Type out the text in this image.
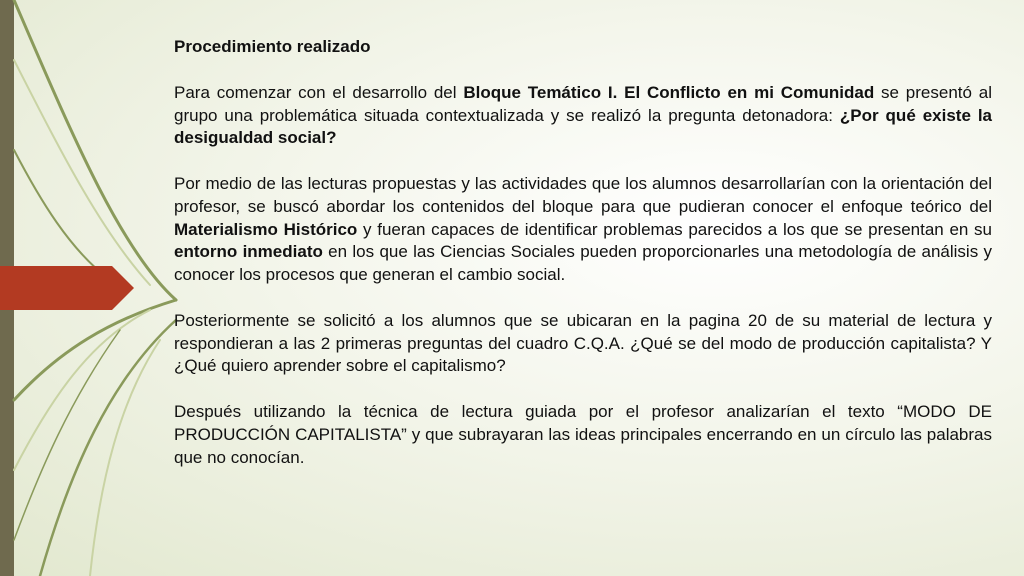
Procedimiento realizado

Para comenzar con el desarrollo del Bloque Temático I. El Conflicto en mi Comunidad se presentó al grupo una problemática situada contextualizada y se realizó la pregunta detonadora: ¿Por qué existe la desigualdad social?

Por medio de las lecturas propuestas y las actividades que los alumnos desarrollarían con la orientación del profesor, se buscó abordar los contenidos del bloque para que pudieran conocer el enfoque teórico del Materialismo Histórico y fueran capaces de identificar problemas parecidos a los que se presentan en su entorno inmediato en los que las Ciencias Sociales pueden proporcionarles una metodología de análisis y conocer los procesos que generan el cambio social.

Posteriormente se solicitó a los alumnos que se ubicaran en la pagina 20 de su material de lectura y respondieran a las 2 primeras preguntas del cuadro C.Q.A. ¿Qué se del modo de producción capitalista? Y ¿Qué quiero aprender sobre el capitalismo?

Después utilizando la técnica de lectura guiada por el profesor analizarían el texto “MODO DE PRODUCCIÓN CAPITALISTA” y que subrayaran las ideas principales encerrando en un círculo las palabras que no conocían.
